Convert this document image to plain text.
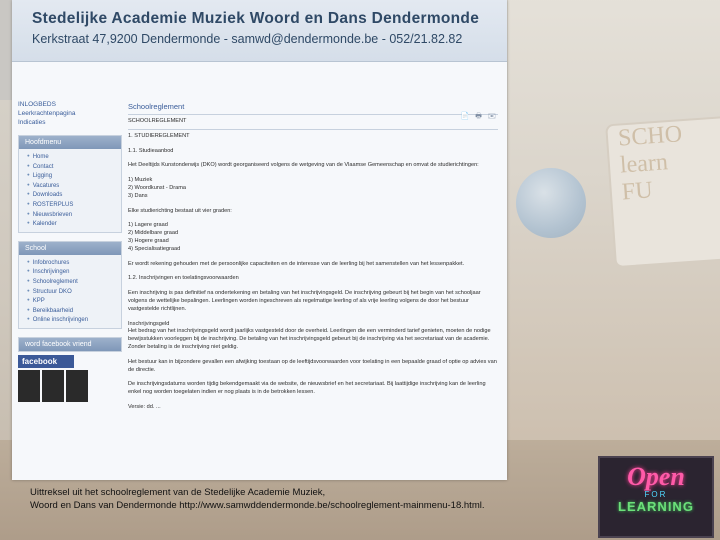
SCHO
learn
FU
Stedelijke Academie Muziek Woord en Dans Dendermonde
Kerkstraat 47,9200 Dendermonde - samwd@dendermonde.be - 052/21.82.82
INLOGBEDS
Leerkrachtenpagina
Indicaties
Hoofdmenu
● Home
● Contact
● Ligging
● Vacatures
● Downloads
● ROSTERPLUS
● Nieuwsbrieven
● Kalender
School
● Infobrochures
● Inschrijvingen
● Schoolreglement
● Structuur DKO
● KPP
● Bereikbaarheid
● Online inschrijvingen
word facebook vriend
facebook
Schoolreglement
📄 🖶 ✉

SCHOOLREGLEMENT

1. STUDIEREGLEMENT

1.1. Studieaanbod

Het Deeltijds Kunstonderwijs (DKO) wordt georganiseerd volgens de wetgeving van de Vlaamse Gemeenschap en omvat de studierichtingen:

1) Muziek

2) Woordkunst - Drama

3) Dans

Elke studierichting bestaat uit vier graden:

1) Lagere graad

2) Middelbare graad

3) Hogere graad

4) Specialisatiegraad

Er wordt rekening gehouden met de persoonlijke capaciteiten en de interesse van de leerling bij het samenstellen van het lessenpakket.

1.2. Inschrijvingen en toelatingsvoorwaarden

Een inschrijving is pas definitief na ondertekening en betaling van het inschrijvingsgeld. De inschrijving gebeurt bij het begin van het schooljaar volgens de wettelijke bepalingen. Leerlingen worden ingeschreven als regelmatige leerling of als vrije leerling volgens de door het bestuur vastgestelde richtlijnen.

Inschrijvingsgeld

Het bedrag van het inschrijvingsgeld wordt jaarlijks vastgesteld door de overheid. Leerlingen die een verminderd tarief genieten, moeten de nodige bewijsstukken voorleggen bij de inschrijving. De betaling van het inschrijvingsgeld gebeurt bij de inschrijving via het secretariaat van de academie. Zonder betaling is de inschrijving niet geldig.

Het bestuur kan in bijzondere gevallen een afwijking toestaan op de leeftijdsvoorwaarden voor toelating in een bepaalde graad of optie op advies van de directie.

De inschrijvingsdatums worden tijdig bekendgemaakt via de website, de nieuwsbrief en het secretariaat. Bij laattijdige inschrijving kan de leerling enkel nog worden toegelaten indien er nog plaats is in de betrokken lessen.

Versie: dd. ...

Uittreksel uit het schoolreglement van de Stedelijke Academie Muziek,
Woord en Dans van Dendermonde http://www.samwddendermonde.be/schoolreglement-mainmenu-18.html.
Open
FOR
LEARNING
